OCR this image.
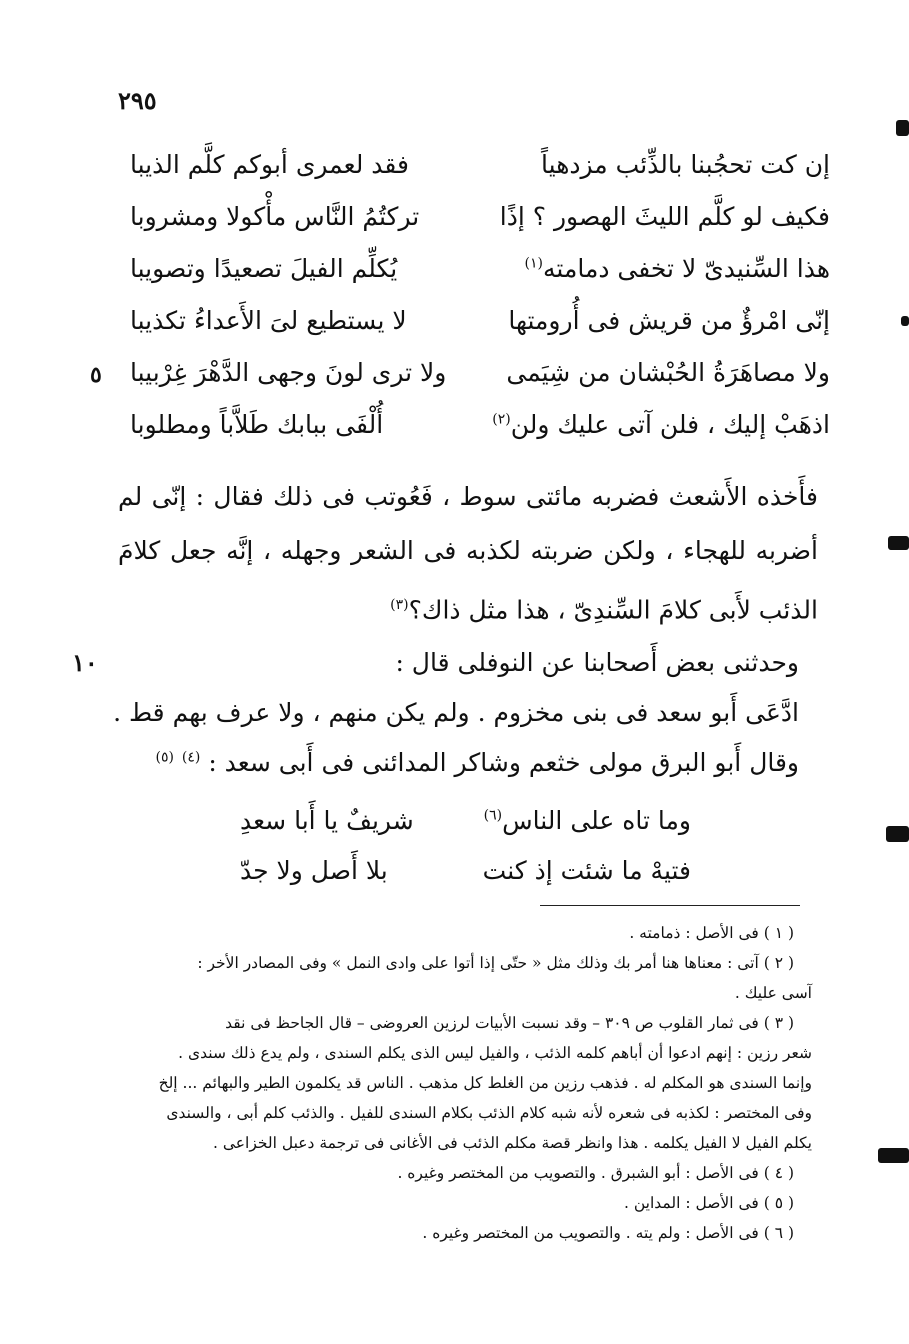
٢٩٥
إن كت تحجُبنا بالذِّئب مزدهياً
فقد لعمرى أبوكم كلَّم الذيبا
فكيف لو كلَّم الليثَ الهصور ؟ إذًا
تركتُمُ النَّاس مأْكولا ومشروبا
هذا السِّنيدىّ لا تخفى دمامته$^{(١)}$
يُكلِّم الفيلَ تصعيدًا وتصويبا
إنّى امْرؤٌ من قريش فى أُرومتها
لا يستطيع لىَ الأَعداءُ تكذيبا
ولا مصاهَرَةُ الحُبْشان من شِيَمى
ولا ترى لونَ وجهى الدَّهْرَ غِرْبيبا
اذهَبْ إليك ، فلن آتى عليك ولن$^{(٢)}$
أُلْفَى ببابك طَلاَّباً ومطلوبا
٥

فأَخذه الأَشعث فضربه مائتى سوط ، فَعُوتب فى ذلك فقال : إنّى لم أضربه للهجاء ، ولكن ضربته لكذبه فى الشعر وجهله ، إنَّه جعل كلامَ الذئب لأَبى كلامَ السِّندِىّ ، هذا مثل ذاك؟$^{(٣)}$

١٠	وحدثنى بعض أَصحابنا عن النوفلى قال :
ادَّعَى أَبو سعد فى بنى مخزوم . ولم يكن منهم ، ولا عرف بهم قط .
وقال أَبو البرق مولى خثعم وشاكر المدائنى فى أَبى سعد : $^{(٤)}$ $^{(٥)}$
وما تاه على الناس$^{(٦)}$
شريفٌ يا أَبا سعدِ
فتيهْ ما شئت إذ كنت
بلا أَصل ولا جدّ

( ١ ) فى الأصل : ذمامته .

( ٢ ) آتى : معناها هنا أمر بك وذلك مثل « حتّى إذا أتوا على وادى النمل » وفى المصادر الأخر :

آسى عليك .

( ٣ ) فى ثمار القلوب ص ٣٠٩ – وقد نسبت الأبيات لرزين العروضى – قال الجاحظ فى نقد

شعر رزين : إنهم ادعوا أن أباهم كلمه الذئب ، والفيل ليس الذى يكلم السندى ، ولم يدع ذلك سندى .

وإنما السندى هو المكلم له . فذهب رزين من الغلط كل مذهب . الناس قد يكلمون الطير والبهائم ... إلخ

وفى المختصر : لكذبه فى شعره لأنه شبه كلام الذئب بكلام السندى للفيل . والذئب كلم أبى ، والسندى

يكلم الفيل لا الفيل يكلمه . هذا وانظر قصة مكلم الذئب فى الأغانى فى ترجمة دعبل الخزاعى .

( ٤ ) فى الأصل : أبو الشبرق . والتصويب من المختصر وغيره .

( ٥ ) فى الأصل : المداين .

( ٦ ) فى الأصل : ولم يته . والتصويب من المختصر وغيره .
